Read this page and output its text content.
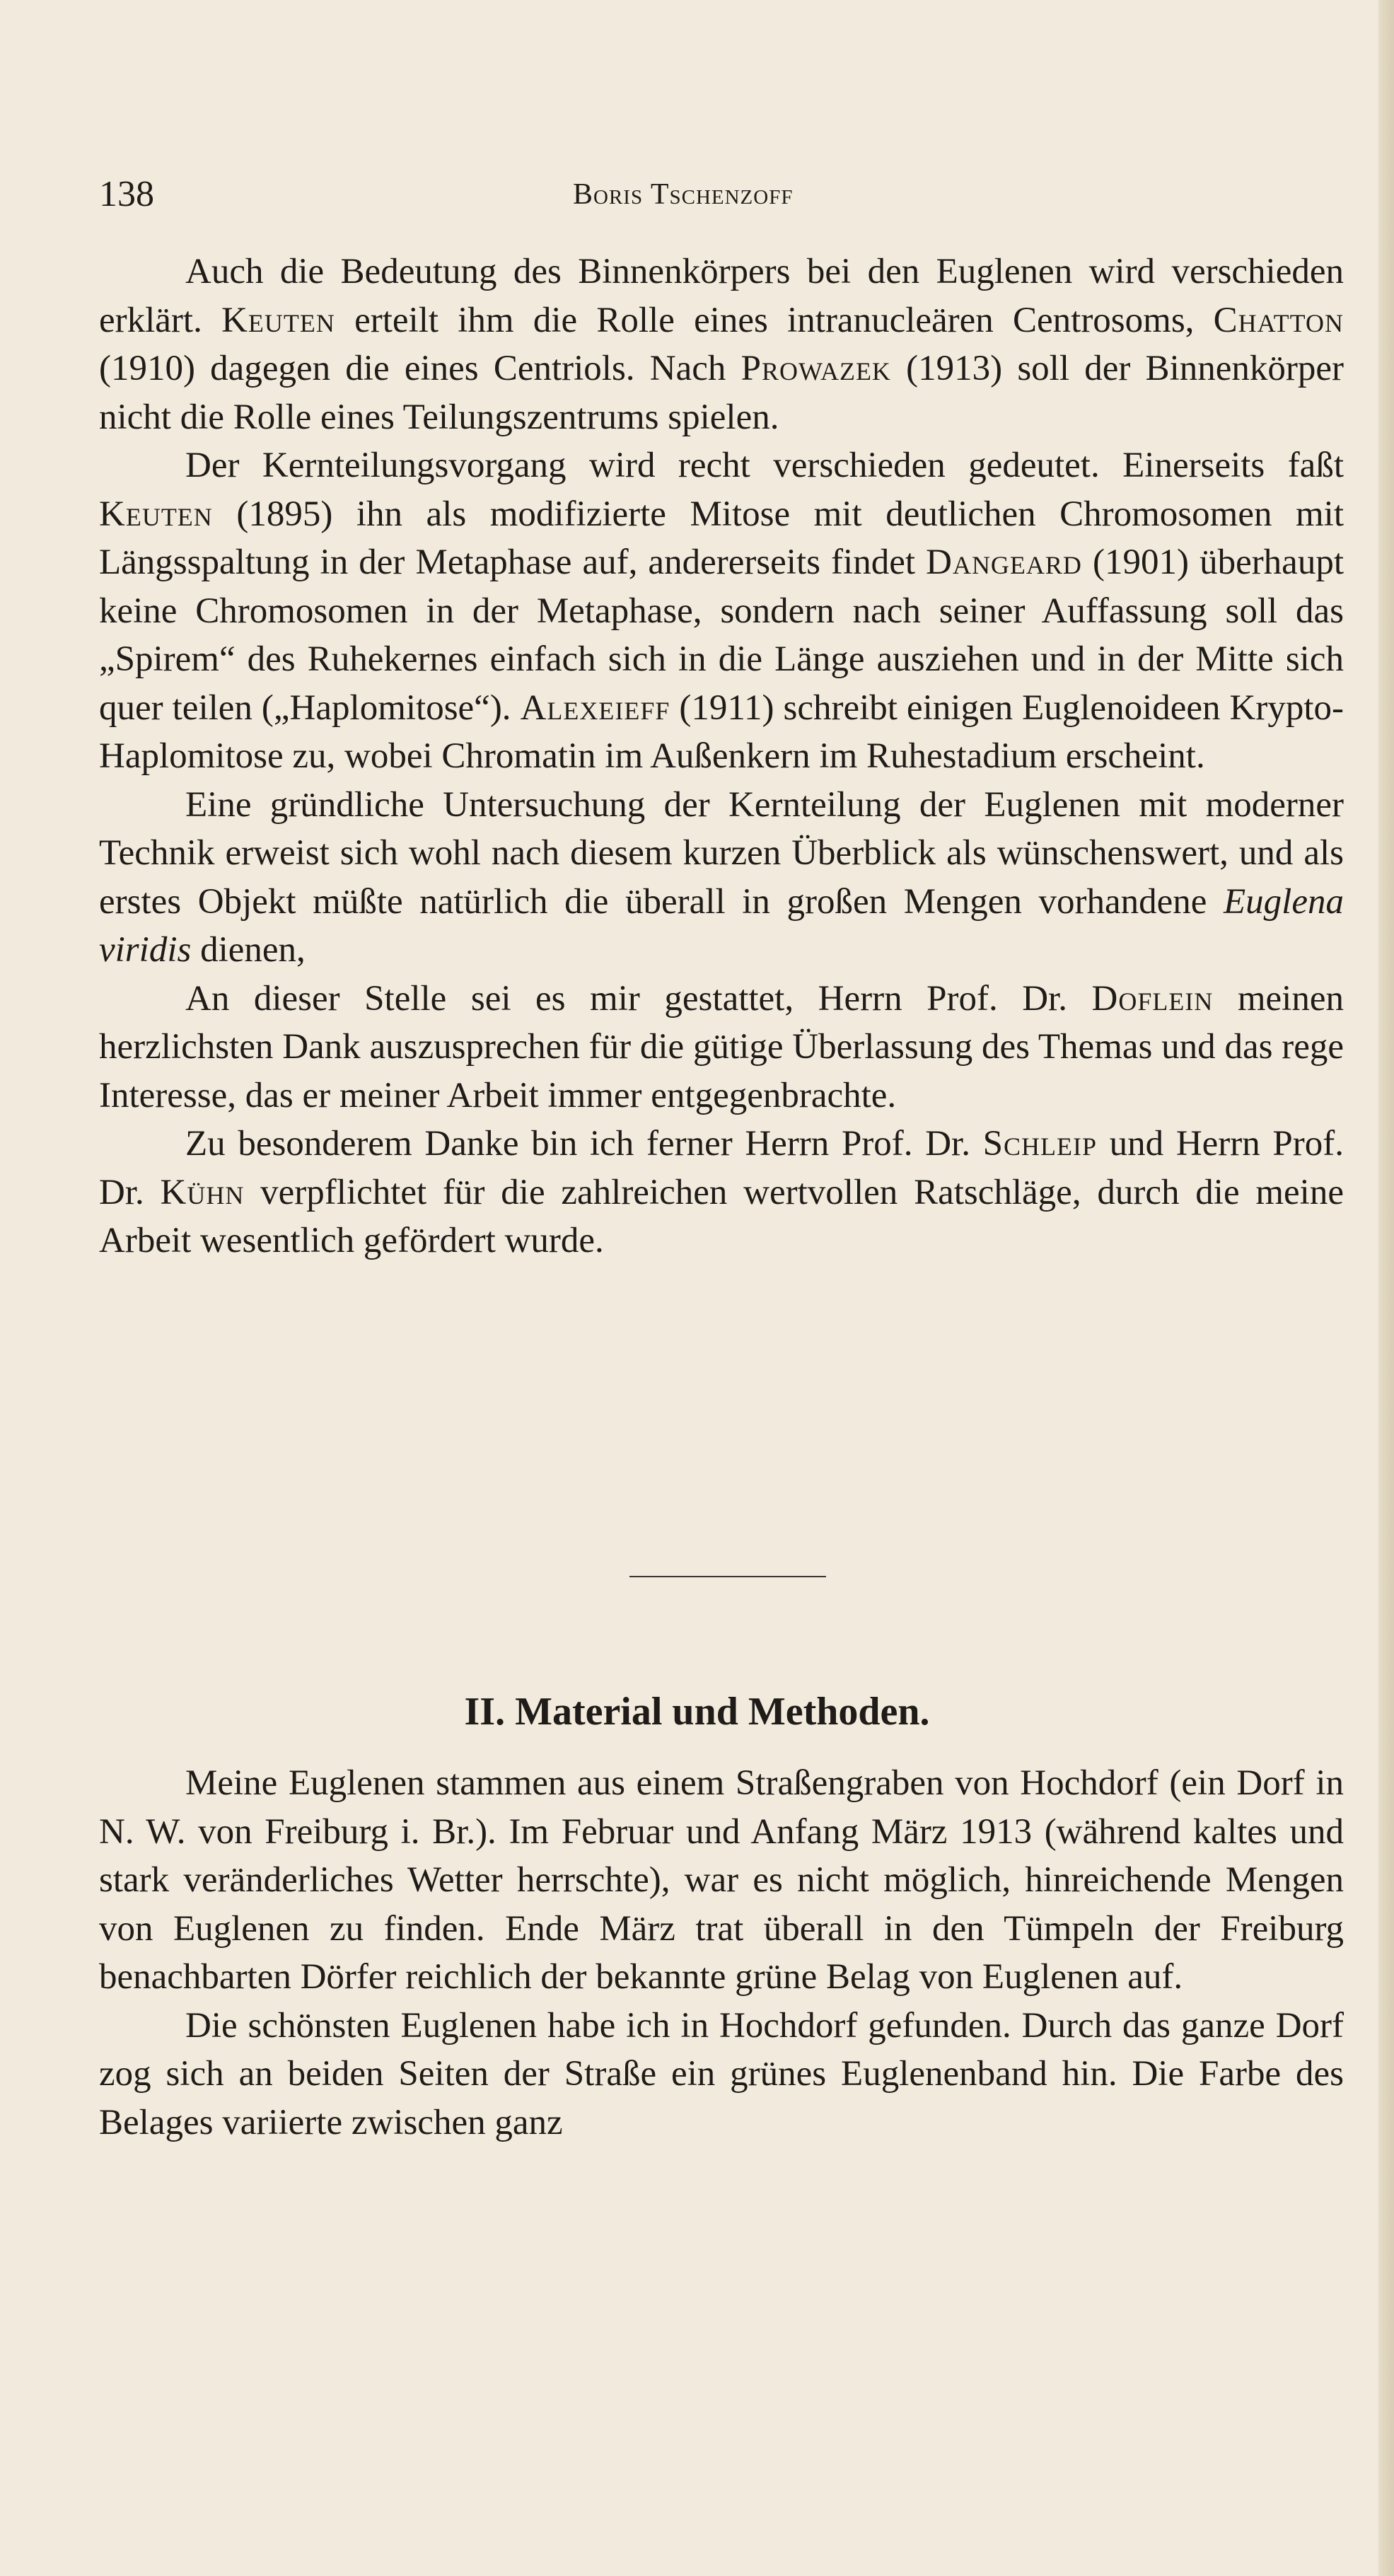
138	Boris Tschenzoff

Auch die Bedeutung des Binnenkörpers bei den Euglenen wird verschieden erklärt. Keuten erteilt ihm die Rolle eines intranucleären Centrosoms, Chatton (1910) dagegen die eines Centriols. Nach Prowazek (1913) soll der Binnenkörper nicht die Rolle eines Teilungszentrums spielen.

Der Kernteilungsvorgang wird recht verschieden gedeutet. Einerseits faßt Keuten (1895) ihn als modifizierte Mitose mit deutlichen Chromosomen mit Längsspaltung in der Metaphase auf, andererseits findet Dangeard (1901) überhaupt keine Chromosomen in der Metaphase, sondern nach seiner Auffassung soll das „Spirem“ des Ruhekernes einfach sich in die Länge ausziehen und in der Mitte sich quer teilen („Haplomitose“). Alexeieff (1911) schreibt einigen Euglenoideen Krypto-Haplomitose zu, wobei Chromatin im Außenkern im Ruhestadium erscheint.

Eine gründliche Untersuchung der Kernteilung der Euglenen mit moderner Technik erweist sich wohl nach diesem kurzen Überblick als wünschenswert, und als erstes Objekt müßte natürlich die überall in großen Mengen vorhandene Euglena viridis dienen,

An dieser Stelle sei es mir gestattet, Herrn Prof. Dr. Doflein meinen herzlichsten Dank auszusprechen für die gütige Überlassung des Themas und das rege Interesse, das er meiner Arbeit immer entgegenbrachte.

Zu besonderem Danke bin ich ferner Herrn Prof. Dr. Schleip und Herrn Prof. Dr. Kühn verpflichtet für die zahlreichen wertvollen Ratschläge, durch die meine Arbeit wesentlich gefördert wurde.

II. Material und Methoden.

Meine Euglenen stammen aus einem Straßengraben von Hochdorf (ein Dorf in N. W. von Freiburg i. Br.). Im Februar und Anfang März 1913 (während kaltes und stark veränderliches Wetter herrschte), war es nicht möglich, hinreichende Mengen von Euglenen zu finden. Ende März trat überall in den Tümpeln der Freiburg benachbarten Dörfer reichlich der bekannte grüne Belag von Euglenen auf.

Die schönsten Euglenen habe ich in Hochdorf gefunden. Durch das ganze Dorf zog sich an beiden Seiten der Straße ein grünes Euglenenband hin. Die Farbe des Belages variierte zwischen ganz
